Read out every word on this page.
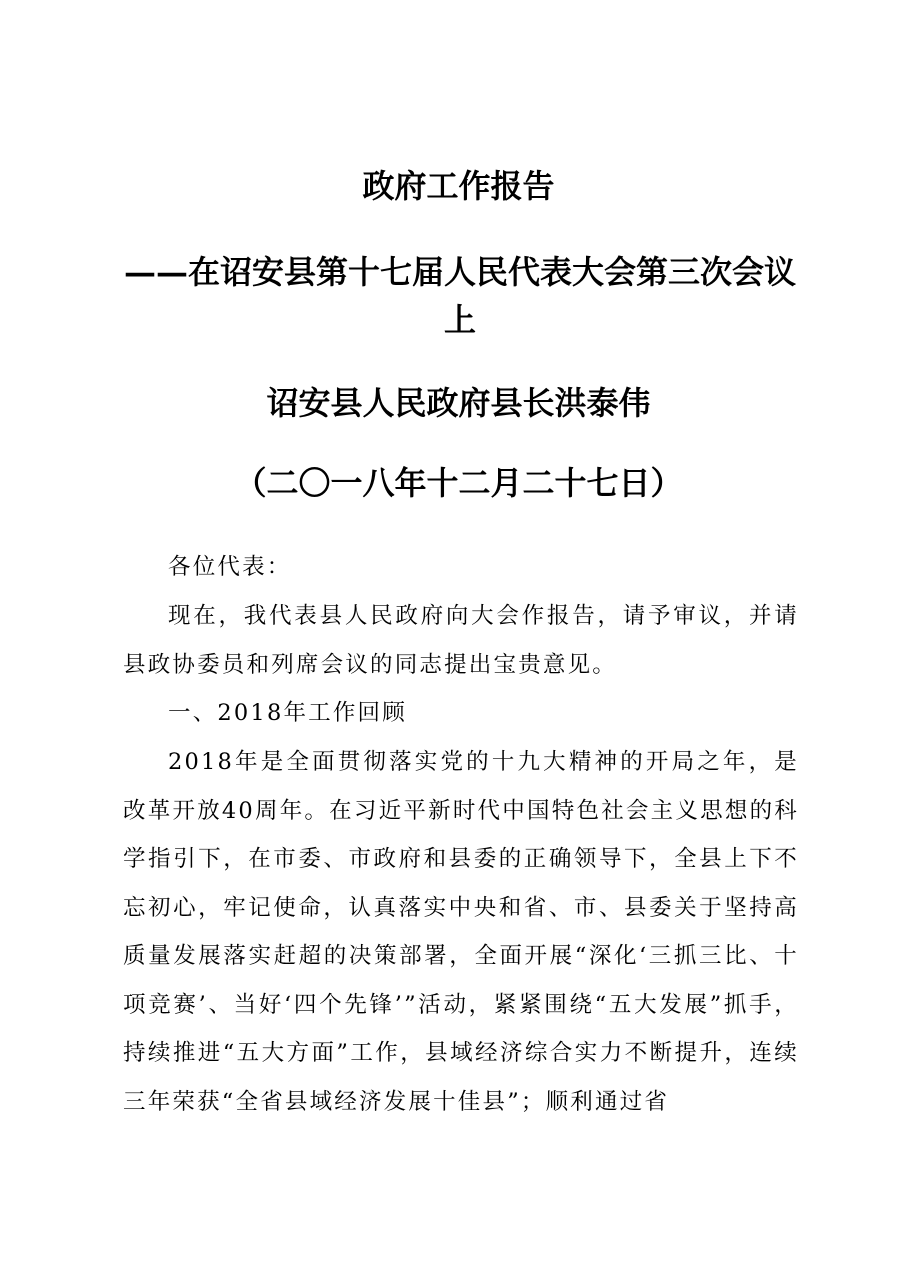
政府工作报告
——在诏安县第十七届人民代表大会第三次会议上
诏安县人民政府县长洪泰伟
（二〇一八年十二月二十七日）

各位代表：

现在，我代表县人民政府向大会作报告，请予审议，并请县政协委员和列席会议的同志提出宝贵意见。

一、2018年工作回顾

2018年是全面贯彻落实党的十九大精神的开局之年，是改革开放40周年。在习近平新时代中国特色社会主义思想的科学指引下，在市委、市政府和县委的正确领导下，全县上下不忘初心，牢记使命，认真落实中央和省、市、县委关于坚持高质量发展落实赶超的决策部署，全面开展“深化‘三抓三比、十项竞赛’、当好‘四个先锋’”活动，紧紧围绕“五大发展”抓手，持续推进“五大方面”工作，县域经济综合实力不断提升，连续三年荣获“全省县域经济发展十佳县”；顺利通过省
